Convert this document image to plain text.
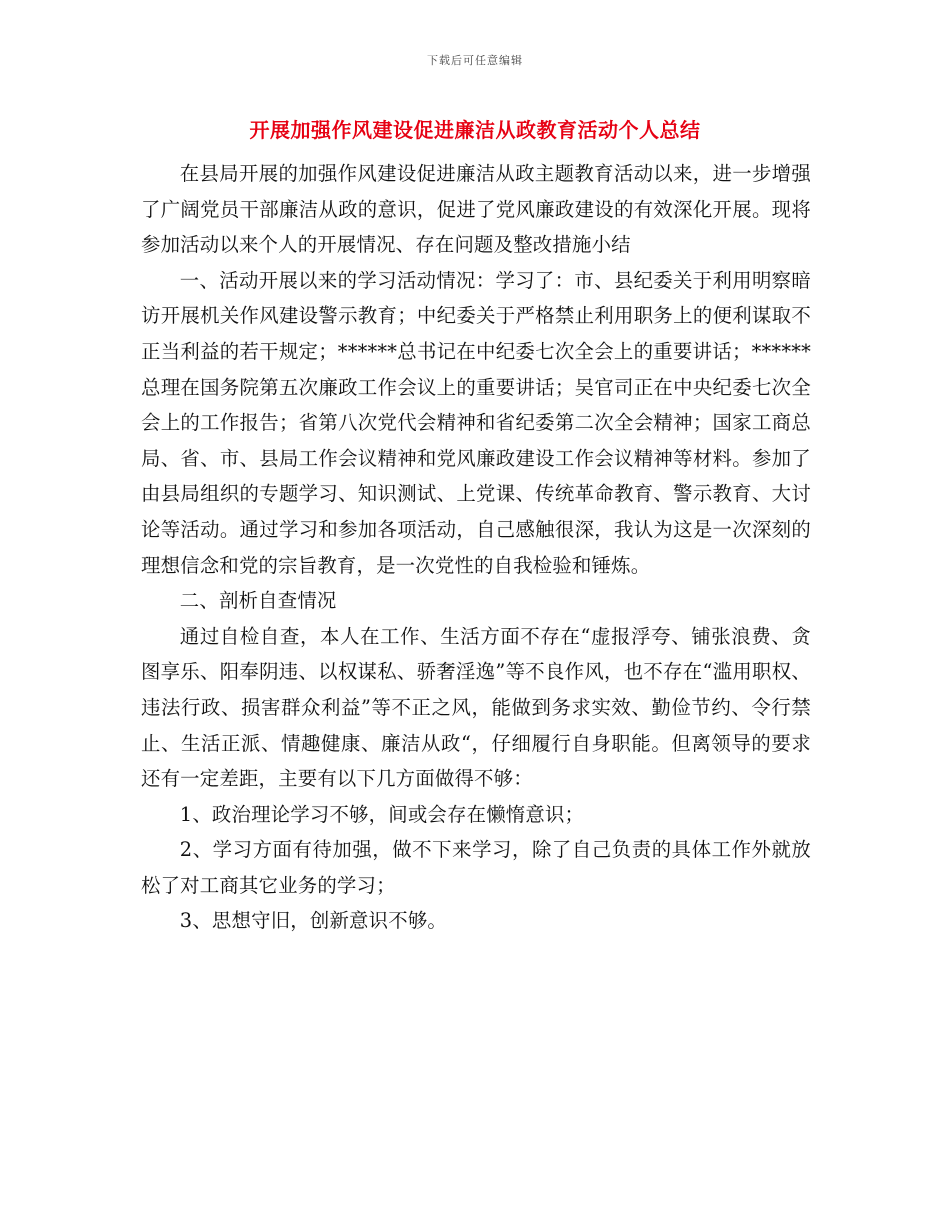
下载后可任意编辑
开展加强作风建设促进廉洁从政教育活动个人总结

在县局开展的加强作风建设促进廉洁从政主题教育活动以来，进一步增强了广阔党员干部廉洁从政的意识，促进了党风廉政建设的有效深化开展。现将参加活动以来个人的开展情况、存在问题及整改措施小结

一、活动开展以来的学习活动情况：学习了：市、县纪委关于利用明察暗访开展机关作风建设警示教育；中纪委关于严格禁止利用职务上的便利谋取不正当利益的若干规定；******总书记在中纪委七次全会上的重要讲话；******总理在国务院第五次廉政工作会议上的重要讲话；吴官司正在中央纪委七次全会上的工作报告；省第八次党代会精神和省纪委第二次全会精神；国家工商总局、省、市、县局工作会议精神和党风廉政建设工作会议精神等材料。参加了由县局组织的专题学习、知识测试、上党课、传统革命教育、警示教育、大讨论等活动。通过学习和参加各项活动，自己感触很深，我认为这是一次深刻的理想信念和党的宗旨教育，是一次党性的自我检验和锤炼。

二、剖析自查情况

通过自检自查，本人在工作、生活方面不存在“虚报浮夸、铺张浪费、贪图享乐、阳奉阴违、以权谋私、骄奢淫逸”等不良作风，也不存在“滥用职权、违法行政、损害群众利益”等不正之风，能做到务求实效、勤俭节约、令行禁止、生活正派、情趣健康、廉洁从政“，仔细履行自身职能。但离领导的要求还有一定差距，主要有以下几方面做得不够：

1、政治理论学习不够，间或会存在懒惰意识；

2、学习方面有待加强，做不下来学习，除了自己负责的具体工作外就放松了对工商其它业务的学习；

3、思想守旧，创新意识不够。
